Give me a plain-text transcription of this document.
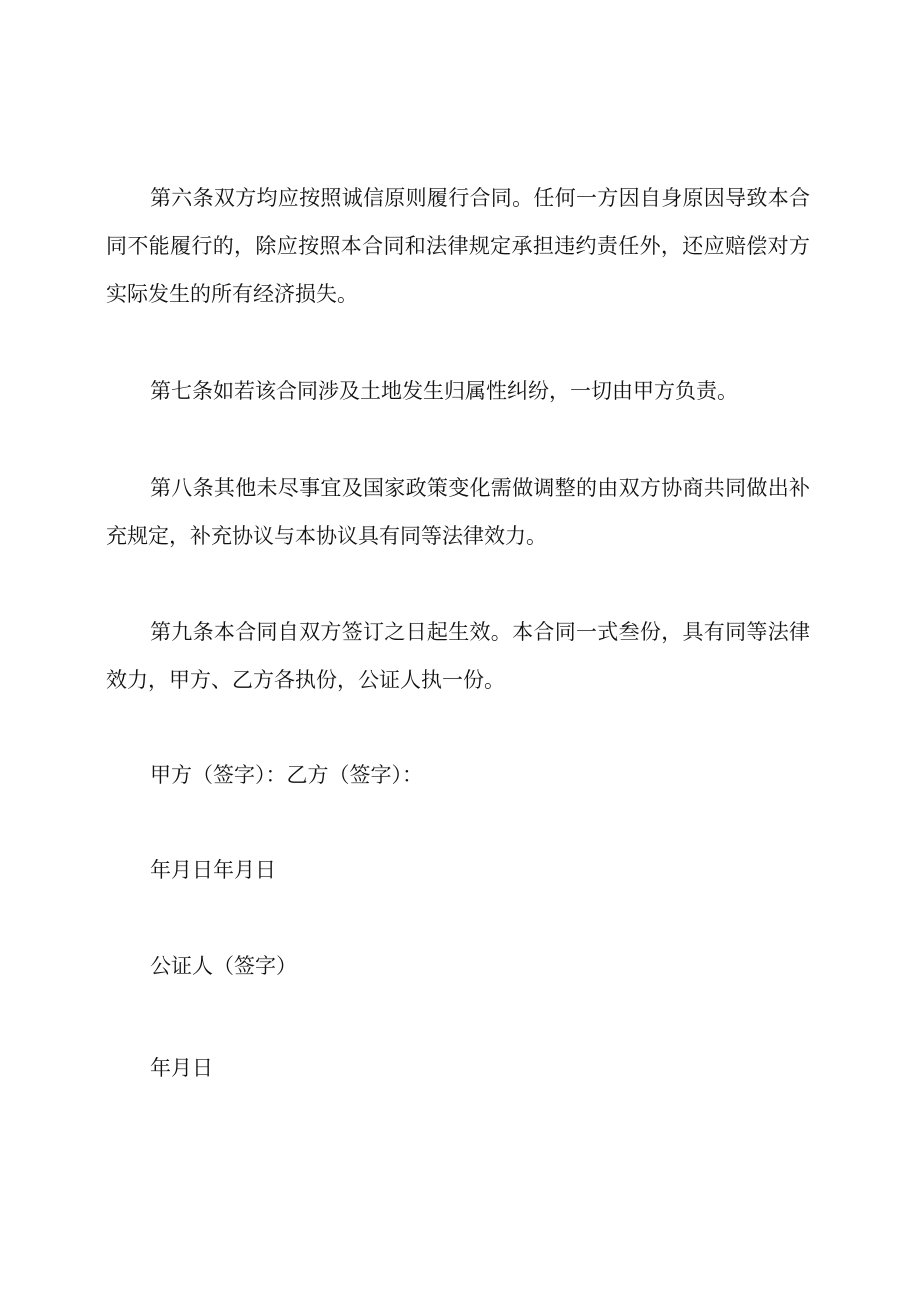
第六条双方均应按照诚信原则履行合同。任何一方因自身原因导致本合同不能履行的，除应按照本合同和法律规定承担违约责任外，还应赔偿对方实际发生的所有经济损失。

第七条如若该合同涉及土地发生归属性纠纷，一切由甲方负责。

第八条其他未尽事宜及国家政策变化需做调整的由双方协商共同做出补充规定，补充协议与本协议具有同等法律效力。

第九条本合同自双方签订之日起生效。本合同一式叁份，具有同等法律效力，甲方、乙方各执份，公证人执一份。

甲方（签字）：乙方（签字）：

年月日年月日

公证人（签字）

年月日
